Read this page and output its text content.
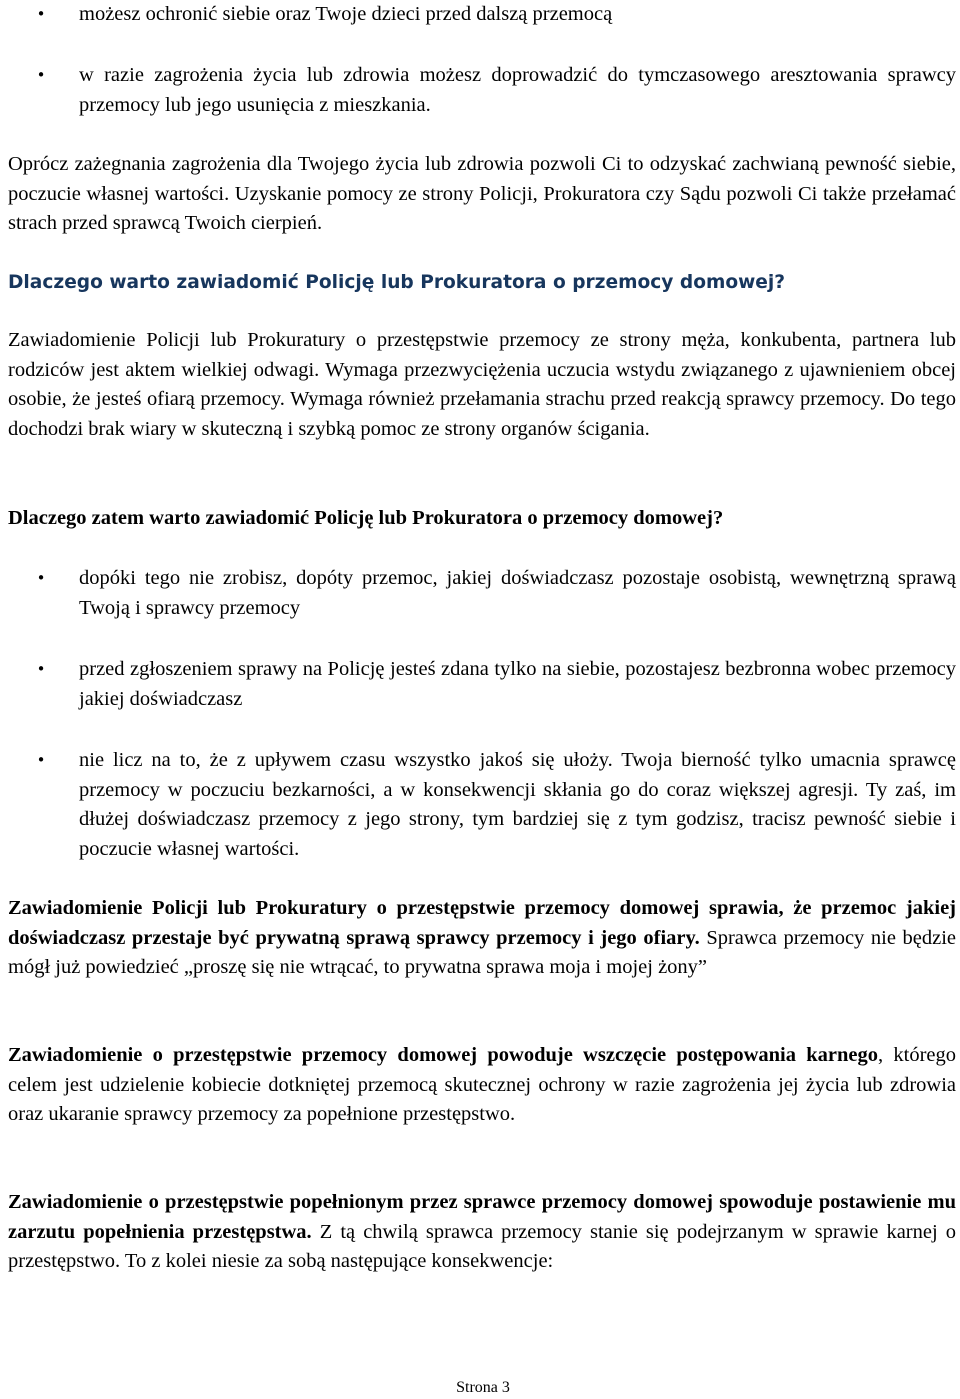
• możesz ochronić siebie oraz Twoje dzieci przed dalszą przemocą

• w razie zagrożenia życia lub zdrowia możesz doprowadzić do tymczasowego aresztowania sprawcy przemocy lub jego usunięcia z mieszkania.

Oprócz zażegnania zagrożenia dla Twojego życia lub zdrowia pozwoli Ci to odzyskać zachwianą pewność siebie, poczucie własnej wartości. Uzyskanie pomocy ze strony Policji, Prokuratora czy Sądu pozwoli Ci także przełamać strach przed sprawcą Twoich cierpień.

Dlaczego warto zawiadomić Policję lub Prokuratora o przemocy domowej?

Zawiadomienie Policji lub Prokuratury o przestępstwie przemocy ze strony męża, konkubenta, partnera lub rodziców jest aktem wielkiej odwagi. Wymaga przezwyciężenia uczucia wstydu związanego z ujawnieniem obcej osobie, że jesteś ofiarą przemocy. Wymaga również przełamania strachu przed reakcją sprawcy przemocy. Do tego dochodzi brak wiary w skuteczną i szybką pomoc ze strony organów ścigania.

Dlaczego zatem warto zawiadomić Policję lub Prokuratora o przemocy domowej?
• dopóki tego nie zrobisz, dopóty przemoc, jakiej doświadczasz pozostaje osobistą, wewnętrzną sprawą Twoją i sprawcy przemocy

• przed zgłoszeniem sprawy na Policję jesteś zdana tylko na siebie, pozostajesz bezbronna wobec przemocy jakiej doświadczasz

• nie licz na to, że z upływem czasu wszystko jakoś się ułoży. Twoja bierność tylko umacnia sprawcę przemocy w poczuciu bezkarności, a w konsekwencji skłania go do coraz większej agresji. Ty zaś, im dłużej doświadczasz przemocy z jego strony, tym bardziej się z tym godzisz, tracisz pewność siebie i poczucie własnej wartości.

Zawiadomienie Policji lub Prokuratury o przestępstwie przemocy domowej sprawia, że przemoc jakiej doświadczasz przestaje być prywatną sprawą sprawcy przemocy i jego ofiary. Sprawca przemocy nie będzie mógł już powiedzieć „proszę się nie wtrącać, to prywatna sprawa moja i mojej żony”

Zawiadomienie o przestępstwie przemocy domowej powoduje wszczęcie postępowania karnego, którego celem jest udzielenie kobiecie dotkniętej przemocą skutecznej ochrony w razie zagrożenia jej życia lub zdrowia oraz ukaranie sprawcy przemocy za popełnione przestępstwo.

Zawiadomienie o przestępstwie popełnionym przez sprawce przemocy domowej spowoduje postawienie mu zarzutu popełnienia przestępstwa. Z tą chwilą sprawca przemocy stanie się podejrzanym w sprawie karnej o przestępstwo. To z kolei niesie za sobą następujące konsekwencje:

Strona 3
